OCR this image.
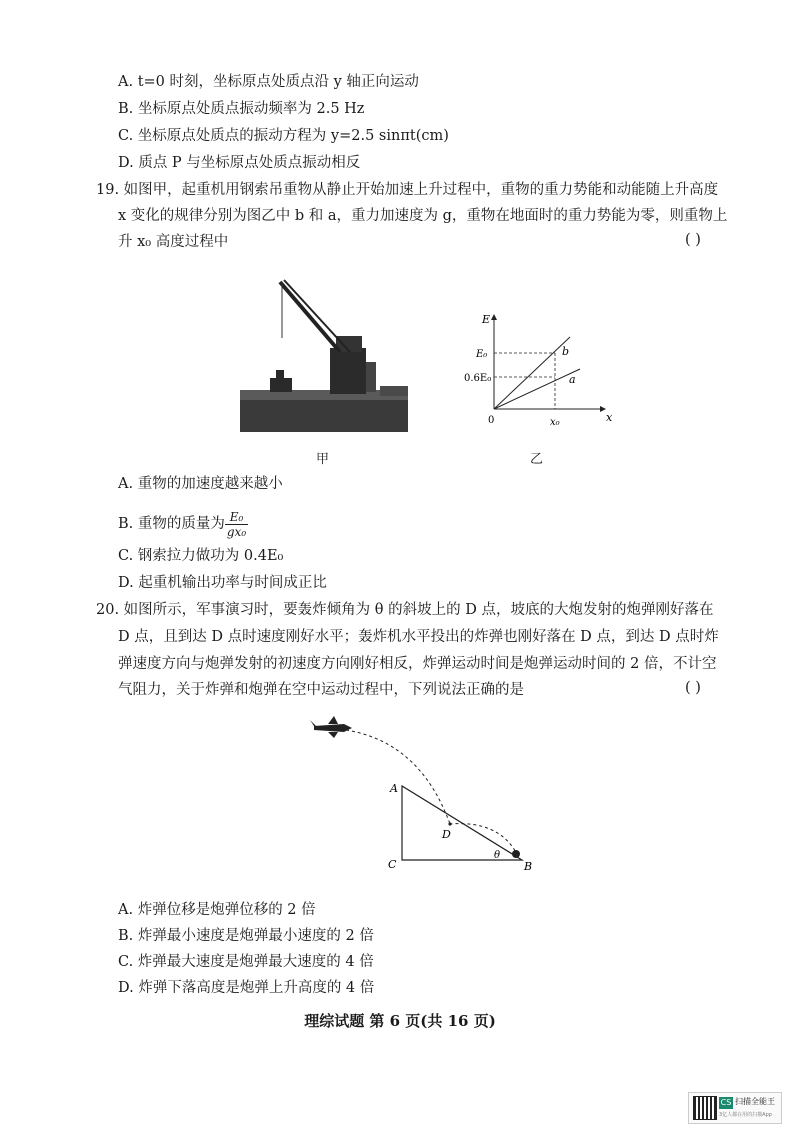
A. t=0 时刻，坐标原点处质点沿 y 轴正向运动
B. 坐标原点处质点振动频率为 2.5 Hz
C. 坐标原点处质点的振动方程为 y=2.5 sinπt(cm)
D. 质点 P 与坐标原点处质点振动相反
19. 如图甲，起重机用钢索吊重物从静止开始加速上升过程中，重物的重力势能和动能随上升高度
x 变化的规律分别为图乙中 b 和 a，重力加速度为 g，重物在地面时的重力势能为零，则重物上
升 x₀ 高度过程中	( )
甲
E
x
0
E₀
0.6E₀
x₀
b
a
乙
A. 重物的加速度越来越小
B. 重物的质量为 $\frac{\text{E₀}}{\text{gx₀}}$
C. 钢索拉力做功为 0.4E₀
D. 起重机输出功率与时间成正比
20. 如图所示，军事演习时，要轰炸倾角为 θ 的斜坡上的 D 点，坡底的大炮发射的炮弹刚好落在
D 点，且到达 D 点时速度刚好水平；轰炸机水平投出的炸弹也刚好落在 D 点，到达 D 点时炸
弹速度方向与炮弹发射的初速度方向刚好相反，炸弹运动时间是炮弹运动时间的 2 倍，不计空
气阻力，关于炸弹和炮弹在空中运动过程中，下列说法正确的是	( )
A
B
C
D
θ
A. 炸弹位移是炮弹位移的 2 倍
B. 炸弹最小速度是炮弹最小速度的 2 倍
C. 炸弹最大速度是炮弹最大速度的 4 倍
D. 炸弹下落高度是炮弹上升高度的 4 倍
理综试题 第 6 页(共 16 页)
CS 扫描全能王
3亿人都在用的扫描App
